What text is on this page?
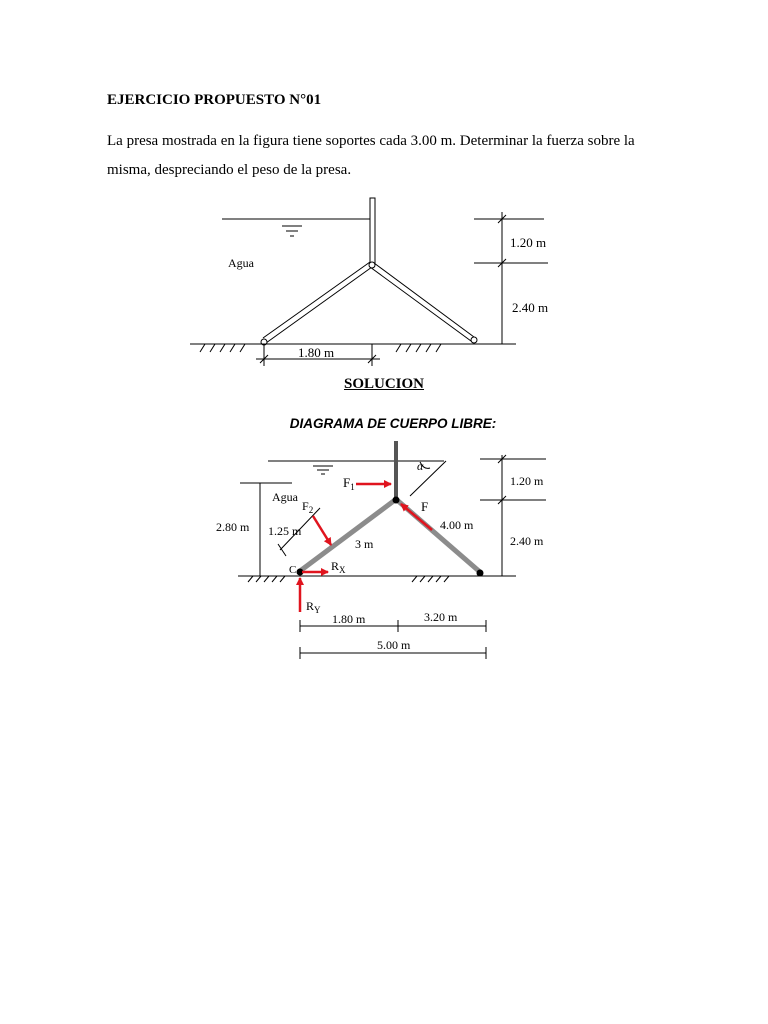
EJERCICIO PROPUESTO N°01
La presa mostrada en la figura tiene soportes cada 3.00 m. Determinar la fuerza sobre la misma, despreciando el peso de la presa.
Agua
1.20 m
2.40 m
1.80 m
DIAGRAMA DE CUERPO LIBRE:
α
$F_1$
$F_2$	F
Agua
2.80 m 1.25 m
3 m
4.00 m
1.20 m
2.40 m
C	$R_X$
$R_Y$
1.80 m	3.20 m
5.00 m
SOLUCION
